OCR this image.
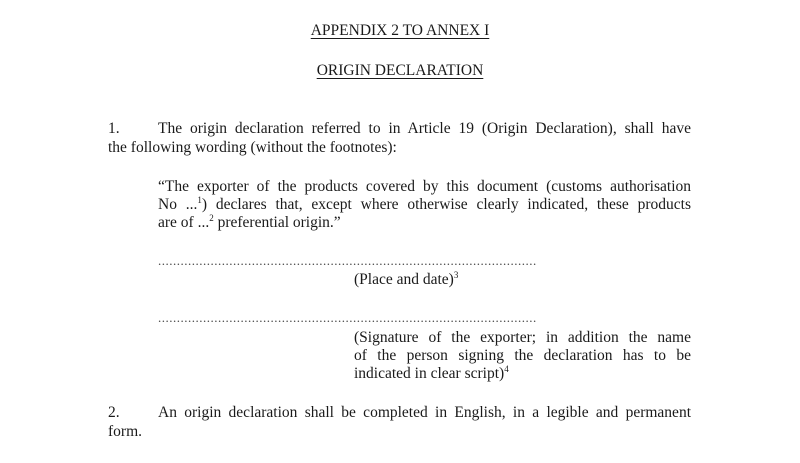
APPENDIX 2 TO ANNEX I
ORIGIN DECLARATION
1. The origin declaration referred to in Article 19 (Origin Declaration), shall have
the following wording (without the footnotes):
“The exporter of the products covered by this document (customs authorisation
No ...$^1$) declares that, except where otherwise clearly indicated, these products
are of ...$^2$ preferential origin.”
.....................................................................................................
(Place and date)$^3$
.....................................................................................................
(Signature of the exporter; in addition the name
of the person signing the declaration has to be
indicated in clear script)$^4$
2. An origin declaration shall be completed in English, in a legible and permanent
form.
